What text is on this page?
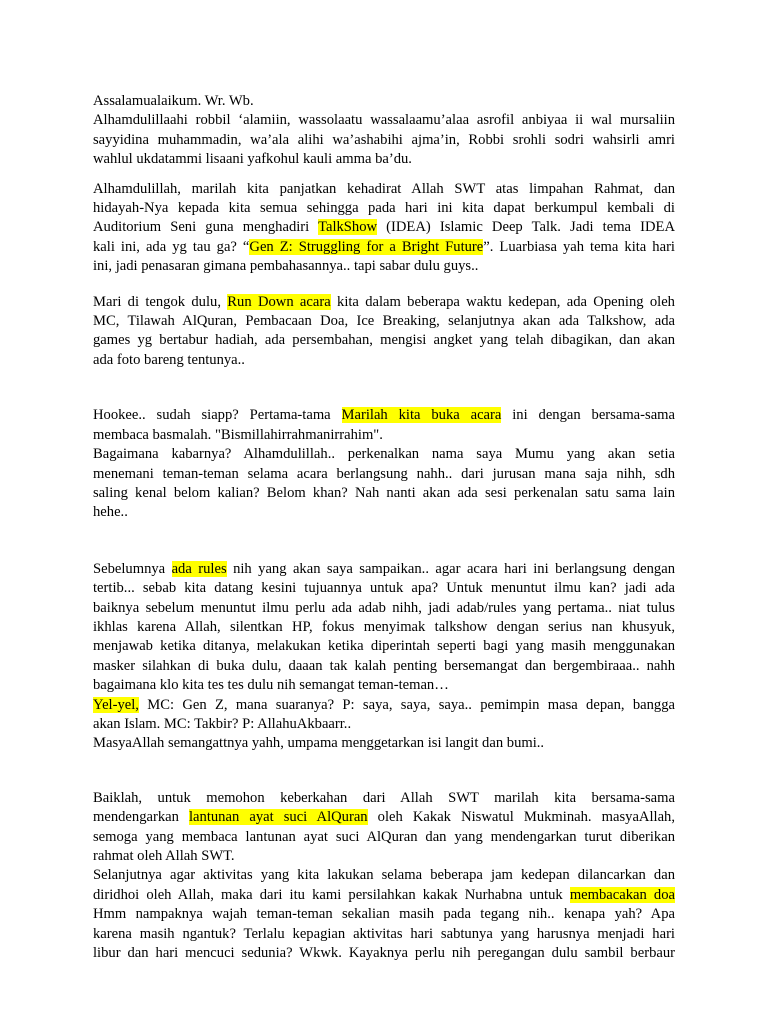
Assalamualaikum. Wr. Wb.
Alhamdulillaahi robbil ‘alamiin, wassolaatu wassalaamu’alaa asrofil anbiyaa ii wal mursaliin
sayyidina muhammadin, wa’ala alihi wa’ashabihi ajma’in, Robbi srohli sodri wahsirli amri
wahlul ukdatammi lisaani yafkohul kauli amma ba’du.
Alhamdulillah, marilah kita panjatkan kehadirat Allah SWT atas limpahan Rahmat, dan
hidayah-Nya kepada kita semua sehingga pada hari ini kita dapat berkumpul kembali di
Auditorium Seni guna menghadiri TalkShow (IDEA) Islamic Deep Talk. Jadi tema IDEA
kali ini, ada yg tau ga? “Gen Z: Struggling for a Bright Future”. Luarbiasa yah tema kita hari
ini, jadi penasaran gimana pembahasannya.. tapi sabar dulu guys..
Mari di tengok dulu, Run Down acara kita dalam beberapa waktu kedepan, ada Opening oleh
MC, Tilawah AlQuran, Pembacaan Doa, Ice Breaking, selanjutnya akan ada Talkshow, ada
games yg bertabur hadiah, ada persembahan, mengisi angket yang telah dibagikan, dan akan
ada foto bareng tentunya..
Hookee.. sudah siapp? Pertama-tama Marilah kita buka acara ini dengan bersama-sama
membaca basmalah. "Bismillahirrahmanirrahim".
Bagaimana kabarnya? Alhamdulillah.. perkenalkan nama saya Mumu yang akan setia
menemani teman-teman selama acara berlangsung nahh.. dari jurusan mana saja nihh, sdh
saling kenal belom kalian? Belom khan? Nah nanti akan ada sesi perkenalan satu sama lain
hehe..
Sebelumnya ada rules nih yang akan saya sampaikan.. agar acara hari ini berlangsung dengan
tertib... sebab kita datang kesini tujuannya untuk apa? Untuk menuntut ilmu kan? jadi ada
baiknya sebelum menuntut ilmu perlu ada adab nihh, jadi adab/rules yang pertama.. niat tulus
ikhlas karena Allah, silentkan HP, fokus menyimak talkshow dengan serius nan khusyuk,
menjawab ketika ditanya, melakukan ketika diperintah seperti bagi yang masih menggunakan
masker silahkan di buka dulu, daaan tak kalah penting bersemangat dan bergembiraaa.. nahh
bagaimana klo kita tes tes dulu nih semangat teman-teman…
Yel-yel, MC: Gen Z, mana suaranya? P: saya, saya, saya.. pemimpin masa depan, bangga
akan Islam. MC: Takbir? P: AllahuAkbaarr..
MasyaAllah semangattnya yahh, umpama menggetarkan isi langit dan bumi..
Baiklah, untuk memohon keberkahan dari Allah SWT marilah kita bersama-sama
mendengarkan lantunan ayat suci AlQuran oleh Kakak Niswatul Mukminah. masyaAllah,
semoga yang membaca lantunan ayat suci AlQuran dan yang mendengarkan turut diberikan
rahmat oleh Allah SWT.
Selanjutnya agar aktivitas yang kita lakukan selama beberapa jam kedepan dilancarkan dan
diridhoi oleh Allah, maka dari itu kami persilahkan kakak Nurhabna untuk membacakan doa
Hmm nampaknya wajah teman-teman sekalian masih pada tegang nih.. kenapa yah? Apa
karena masih ngantuk? Terlalu kepagian aktivitas hari sabtunya yang harusnya menjadi hari
libur dan hari mencuci sedunia? Wkwk. Kayaknya perlu nih peregangan dulu sambil berbaur
